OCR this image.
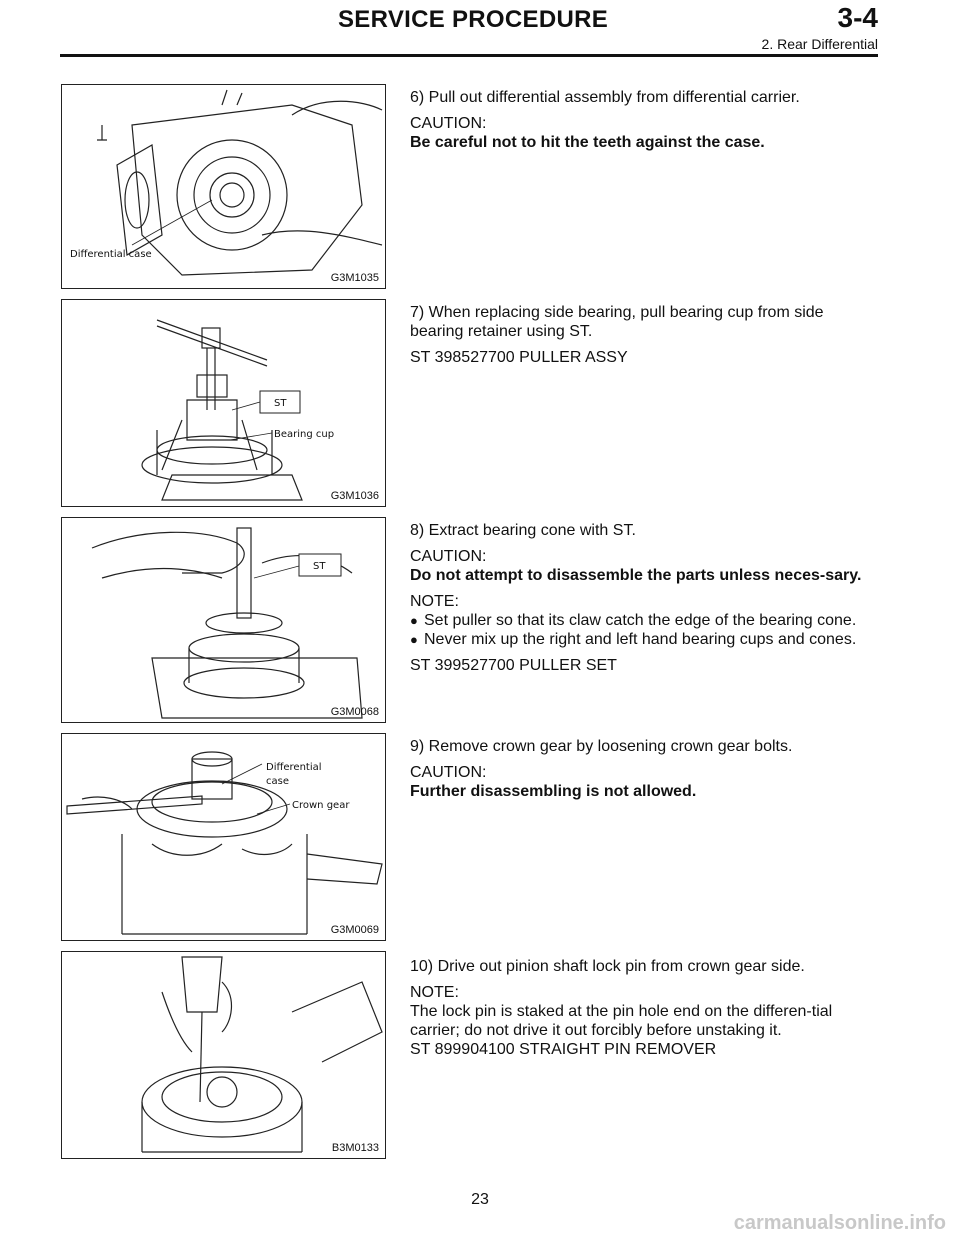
SERVICE PROCEDURE	3-4
2. Rear Differential
Differential case
G3M1035

6) Pull out differential assembly from differential carrier.

CAUTION:

Be careful not to hit the teeth against the case.

ST
Bearing cup
G3M1036

7) When replacing side bearing, pull bearing cup from side bearing retainer using ST.

ST 398527700 PULLER ASSY

ST
G3M0068

8) Extract bearing cone with ST.

CAUTION:

Do not attempt to disassemble the parts unless neces-sary.

NOTE:

● Set puller so that its claw catch the edge of the bearing cone.
● Never mix up the right and left hand bearing cups and cones.

ST 399527700 PULLER SET

Differential
case
Crown gear
G3M0069

9) Remove crown gear by loosening crown gear bolts.

CAUTION:

Further disassembling is not allowed.

B3M0133

10) Drive out pinion shaft lock pin from crown gear side.

NOTE:

The lock pin is staked at the pin hole end on the differen-tial carrier; do not drive it out forcibly before unstaking it.

ST 899904100 STRAIGHT PIN REMOVER

23
carmanualsonline.info
